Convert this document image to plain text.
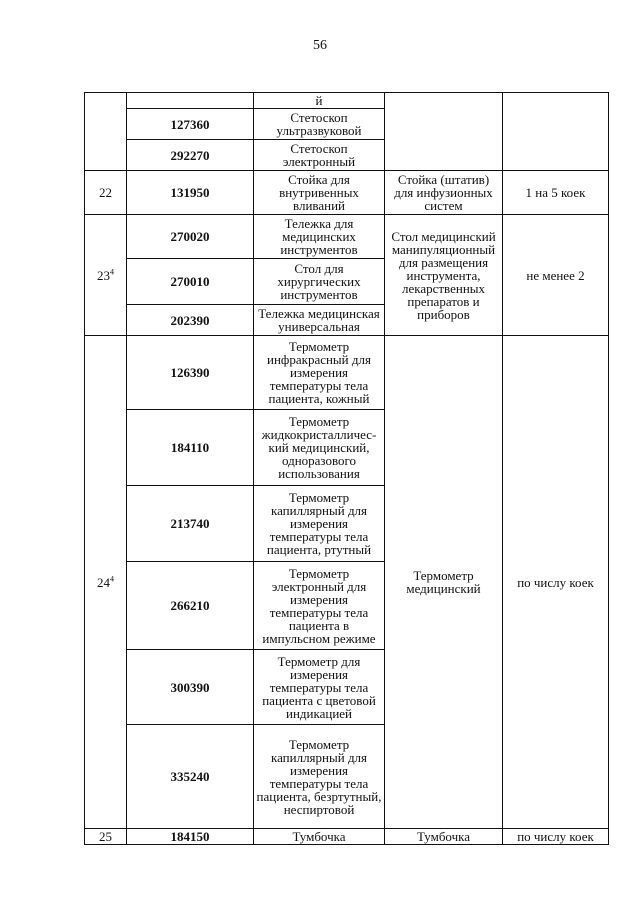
56
		й		
	127360	Стетоскоп ультразвуковой		
	292270	Стетоскоп электронный		
22	131950	Стойка для внутривенных вливаний	Стойка (штатив) для инфузионных систем	1 на 5 коек
$23^4$	270020	Тележка для медицинских инструментов	Стол медицинский манипуляционный для размещения инструмента, лекарственных препаратов и приборов	не менее 2
	270010	Стол для хирургических инструментов		
	202390	Тележка медицинская универсальная		
$24^4$	126390	Термометр инфракрасный для измерения температуры тела пациента, кожный	Термометр медицинский	по числу коек
	184110	Термометр жидкокристалличес-кий медицинский, одноразового использования		
	213740	Термометр капиллярный для измерения температуры тела пациента, ртутный		
	266210	Термометр электронный для измерения температуры тела пациента в импульсном режиме		
	300390	Термометр для измерения температуры тела пациента с цветовой индикацией		
	335240	Термометр капиллярный для измерения температуры тела пациента, безртутный, неспиртовой		
25	184150	Тумбочка	Тумбочка	по числу коек
